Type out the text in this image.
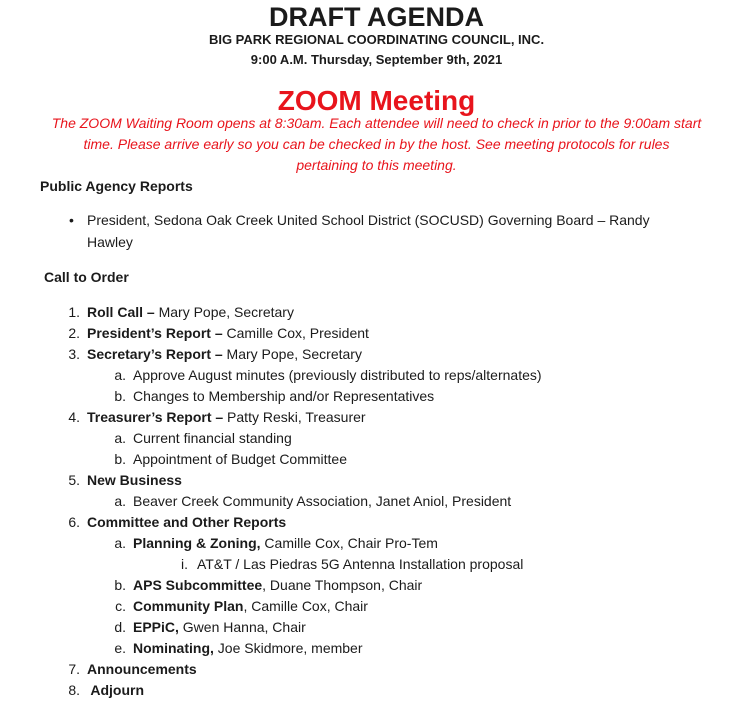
DRAFT AGENDA
BIG PARK REGIONAL COORDINATING COUNCIL, INC.
9:00 A.M. Thursday, September 9th, 2021
ZOOM Meeting
The ZOOM Waiting Room opens at 8:30am. Each attendee will need to check in prior to the 9:00am start
time. Please arrive early so you can be checked in by the host. See meeting protocols for rules
pertaining to this meeting.
Public Agency Reports
• President, Sedona Oak Creek United School District (SOCUSD) Governing Board – Randy
Hawley
Call to Order
1. Roll Call – Mary Pope, Secretary
2. President’s Report – Camille Cox, President
3. Secretary’s Report – Mary Pope, Secretary
a. Approve August minutes (previously distributed to reps/alternates)
b. Changes to Membership and/or Representatives
4. Treasurer’s Report – Patty Reski, Treasurer
a. Current financial standing
b. Appointment of Budget Committee
5. New Business
a. Beaver Creek Community Association, Janet Aniol, President
6. Committee and Other Reports
a. Planning & Zoning, Camille Cox, Chair Pro-Tem
i. AT&T / Las Piedras 5G Antenna Installation proposal
b. APS Subcommittee, Duane Thompson, Chair
c. Community Plan, Camille Cox, Chair
d. EPPiC, Gwen Hanna, Chair
e. Nominating, Joe Skidmore, member
7. Announcements
8. Adjourn
